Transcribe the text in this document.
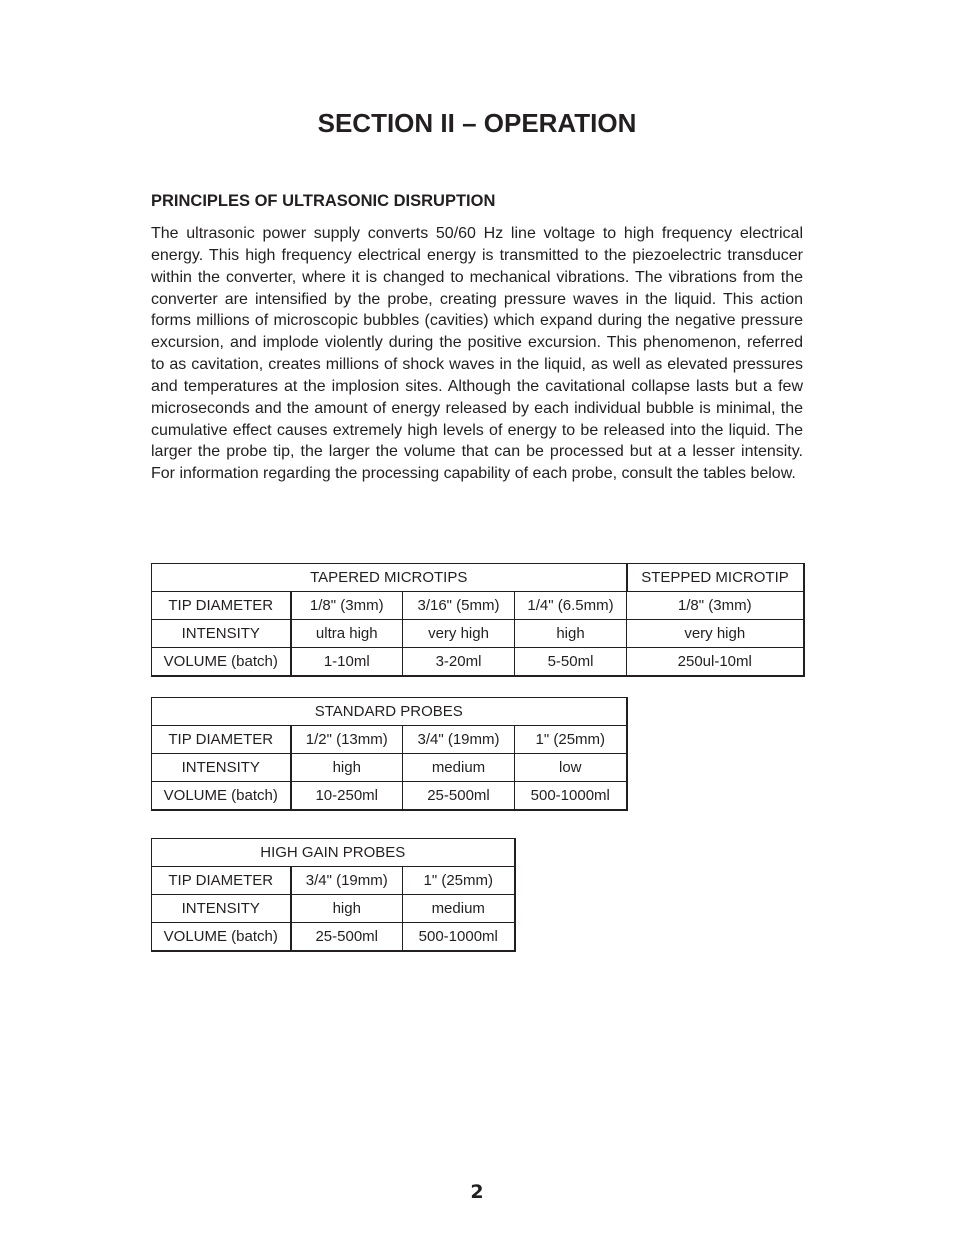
SECTION II – OPERATION
PRINCIPLES OF ULTRASONIC DISRUPTION

The ultrasonic power supply converts 50/60 Hz line voltage to high frequency electrical energy. This high frequency electrical energy is transmitted to the piezoelectric transducer within the converter, where it is changed to mechanical vibrations. The vibrations from the converter are intensified by the probe, creating pressure waves in the liquid. This action forms millions of microscopic bubbles (cavities) which expand during the negative pressure excursion, and implode violently during the positive excursion. This phenomenon, referred to as cavitation, creates millions of shock waves in the liquid, as well as elevated pressures and temperatures at the implosion sites. Although the cavitational collapse lasts but a few microseconds and the amount of energy released by each individual bubble is minimal, the cumulative effect causes extremely high levels of energy to be released into the liquid. The larger the probe tip, the larger the volume that can be processed but at a lesser intensity. For information regarding the processing capability of each probe, consult the tables below.

TAPERED MICROTIPS				STEPPED MICROTIP
TIP DIAMETER	1/8" (3mm)	3/16" (5mm)	1/4" (6.5mm)	1/8" (3mm)
INTENSITY	ultra high	very high	high	very high
VOLUME (batch)	1-10ml	3-20ml	5-50ml	250ul-10ml
STANDARD PROBES			
TIP DIAMETER	1/2" (13mm)	3/4" (19mm)	1" (25mm)
INTENSITY	high	medium	low
VOLUME (batch)	10-250ml	25-500ml	500-1000ml
HIGH GAIN PROBES		
TIP DIAMETER	3/4" (19mm)	1" (25mm)
INTENSITY	high	medium
VOLUME (batch)	25-500ml	500-1000ml
2
